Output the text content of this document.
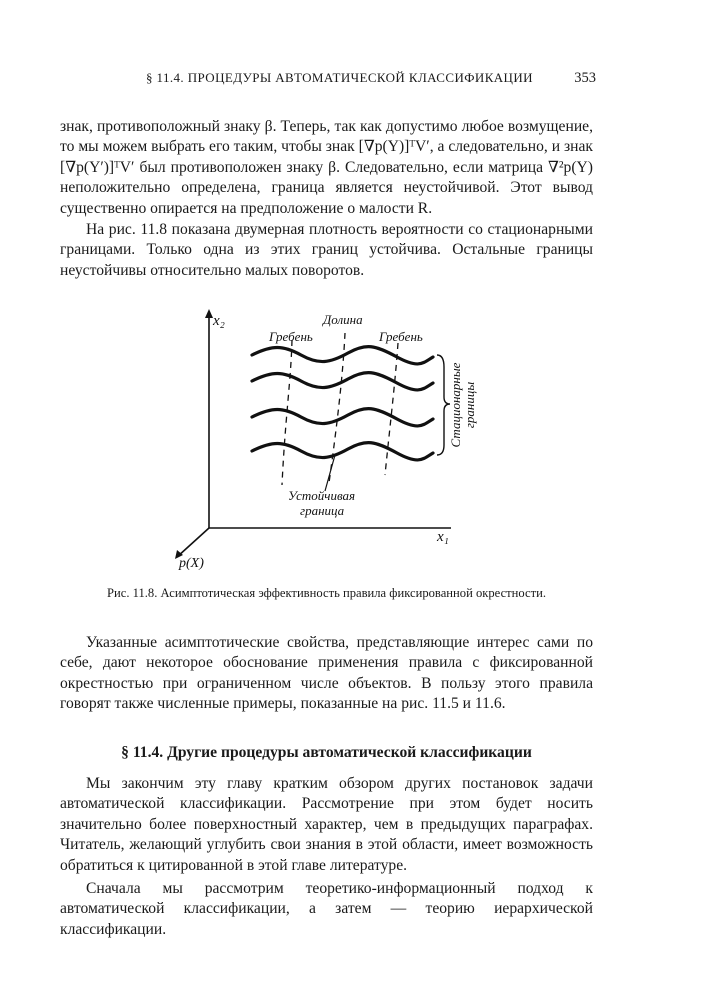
§ 11.4. ПРОЦЕДУРЫ АВТОМАТИЧЕСКОЙ КЛАССИФИКАЦИИ	353

знак, противоположный знаку β. Теперь, так как допустимо любое возмущение, то мы можем выбрать его таким, чтобы знак [∇p(Y)]ᵀV′, а следовательно, и знак [∇p(Y′)]ᵀV′ был противоположен знаку β. Следовательно, если матрица ∇²p(Y) неположительно определена, граница является неустойчивой. Этот вывод существенно опирается на предположение о малости R.

На рис. 11.8 показана двумерная плотность вероятности со стационарными границами. Только одна из этих границ устойчива. Остальные границы неустойчивы относительно малых поворотов.

x₂
x₁
p(X)
Гребень
Долина
Гребень
Устойчивая
граница
Стационарные границы
Рис. 11.8. Асимптотическая эффективность правила фиксированной окрестности.

Указанные асимптотические свойства, представляющие интерес сами по себе, дают некоторое обоснование применения правила с фиксированной окрестностью при ограниченном числе объектов. В пользу этого правила говорят также численные примеры, показанные на рис. 11.5 и 11.6.

§ 11.4. Другие процедуры автоматической классификации

Мы закончим эту главу кратким обзором других постановок задачи автоматической классификации. Рассмотрение при этом будет носить значительно более поверхностный характер, чем в предыдущих параграфах. Читатель, желающий углубить свои знания в этой области, имеет возможность обратиться к цитированной в этой главе литературе.

Сначала мы рассмотрим теоретико-информационный подход к автоматической классификации, а затем — теорию иерархической классификации.
